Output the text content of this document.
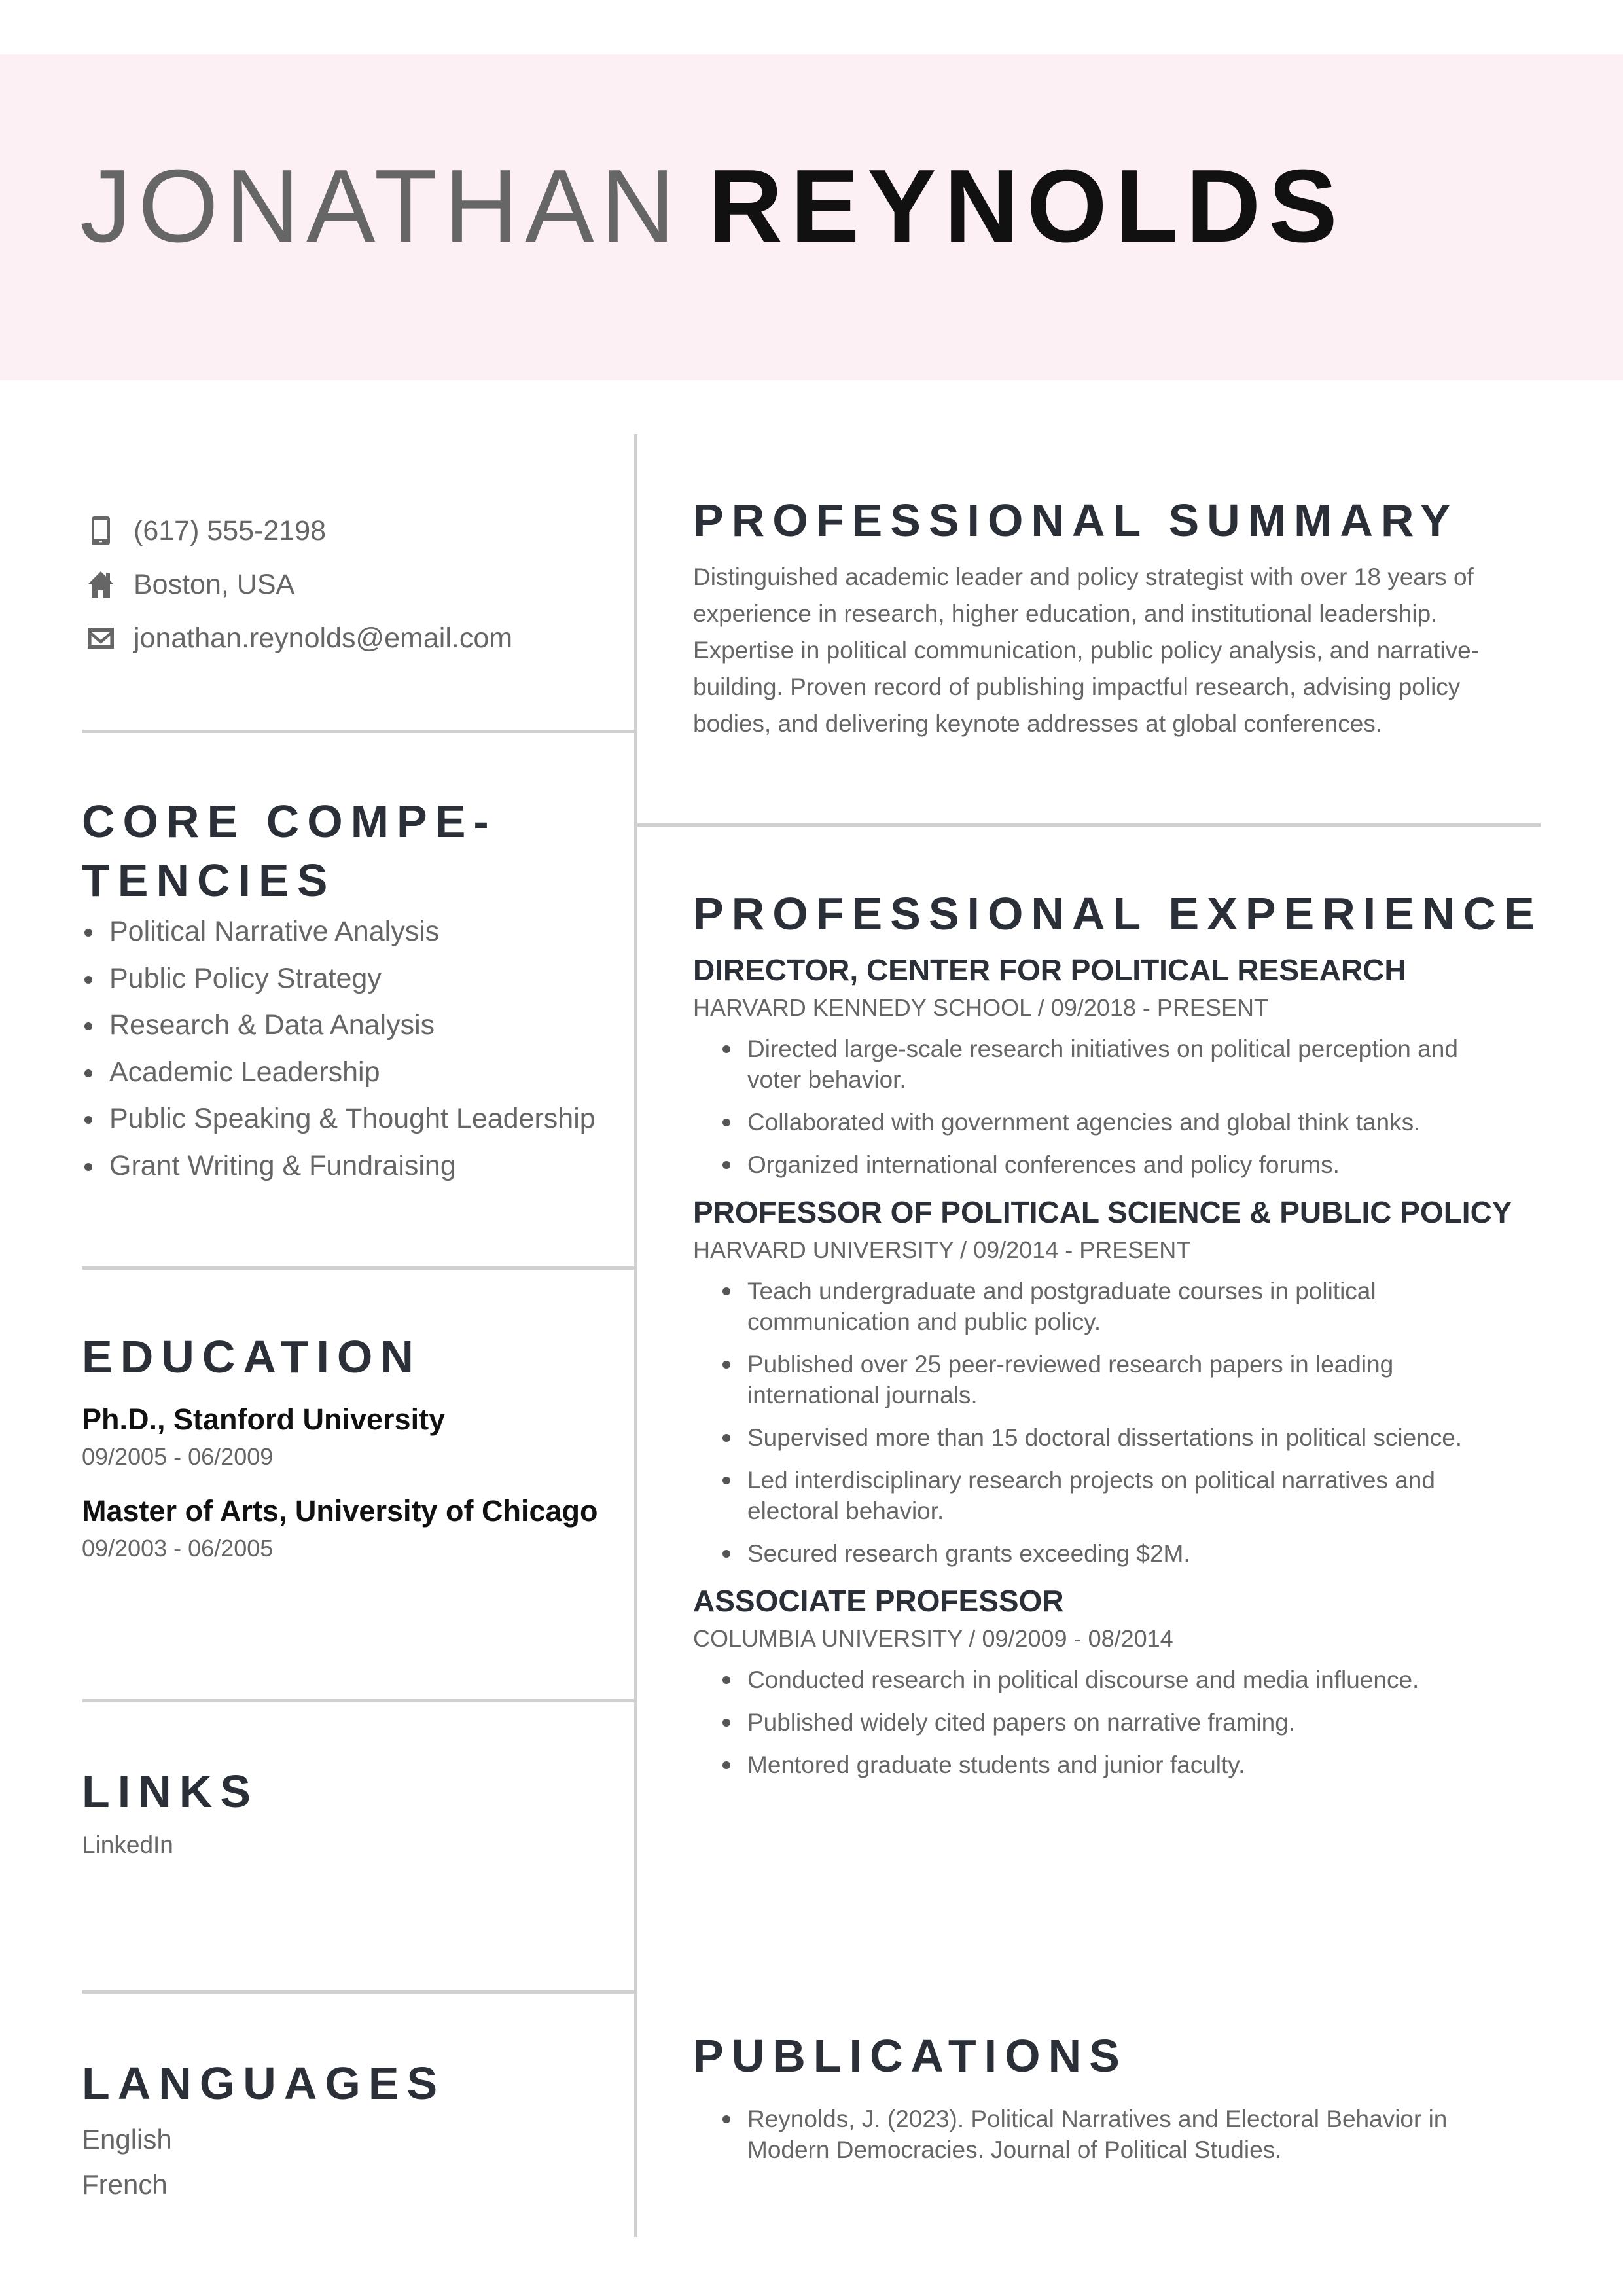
JONATHAN REYNOLDS
(617) 555-2198
Boston, USA
jonathan.reynolds@email.com
CORE COMPE-
TENCIES
Political Narrative Analysis
Public Policy Strategy
Research & Data Analysis
Academic Leadership
Public Speaking & Thought Leadership
Grant Writing & Fundraising
EDUCATION
Ph.D., Stanford University
09/2005 - 06/2009
Master of Arts, University of Chicago
09/2003 - 06/2005
LINKS
LinkedIn
LANGUAGES
English
French
PROFESSIONAL SUMMARY
Distinguished academic leader and policy strategist with over 18 years of experience in research, higher education, and institutional leadership. Expertise in political communication, public policy analysis, and narrative-building. Proven record of publishing impactful research, advising policy bodies, and delivering keynote addresses at global conferences.
PROFESSIONAL EXPERIENCE
DIRECTOR, CENTER FOR POLITICAL RESEARCH
HARVARD KENNEDY SCHOOL / 09/2018 - PRESENT
Directed large-scale research initiatives on political perception and voter behavior.
Collaborated with government agencies and global think tanks.
Organized international conferences and policy forums.
PROFESSOR OF POLITICAL SCIENCE & PUBLIC POLICY
HARVARD UNIVERSITY / 09/2014 - PRESENT
Teach undergraduate and postgraduate courses in political communication and public policy.
Published over 25 peer-reviewed research papers in leading international journals.
Supervised more than 15 doctoral dissertations in political science.
Led interdisciplinary research projects on political narratives and electoral behavior.
Secured research grants exceeding $2M.
ASSOCIATE PROFESSOR
COLUMBIA UNIVERSITY / 09/2009 - 08/2014
Conducted research in political discourse and media influence.
Published widely cited papers on narrative framing.
Mentored graduate students and junior faculty.
PUBLICATIONS
Reynolds, J. (2023). Political Narratives and Electoral Behavior in Modern Democracies. Journal of Political Studies.
